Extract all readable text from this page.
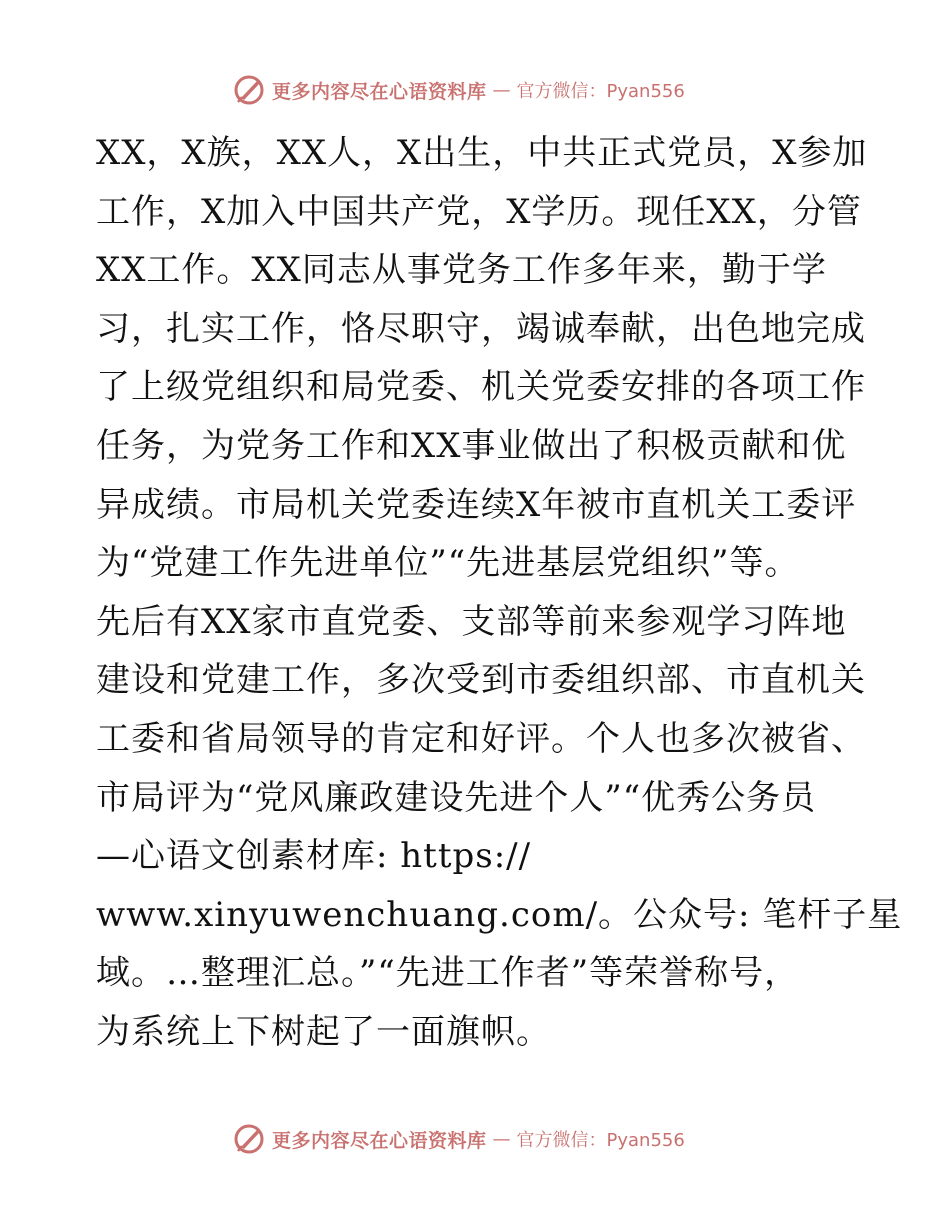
更多内容尽在心语资料库 — 官方微信：Pyan556
XX，X族，XX人，X出生，中共正式党员，X参加
工作，X加入中国共产党，X学历。现任XX，分管
XX工作。XX同志从事党务工作多年来，勤于学
习，扎实工作，恪尽职守，竭诚奉献，出色地完成
了上级党组织和局党委、机关党委安排的各项工作
任务，为党务工作和XX事业做出了积极贡献和优
异成绩。市局机关党委连续X年被市直机关工委评
为“党建工作先进单位”“先进基层党组织”等。
先后有XX家市直党委、支部等前来参观学习阵地
建设和党建工作，多次受到市委组织部、市直机关
工委和省局领导的肯定和好评。个人也多次被省、
市局评为“党风廉政建设先进个人”“优秀公务员
—心语文创素材库: https://
www.xinyuwenchuang.com/。公众号: 笔杆子星
域。…整理汇总。”“先进工作者”等荣誉称号，
为系统上下树起了一面旗帜。
更多内容尽在心语资料库 — 官方微信：Pyan556
